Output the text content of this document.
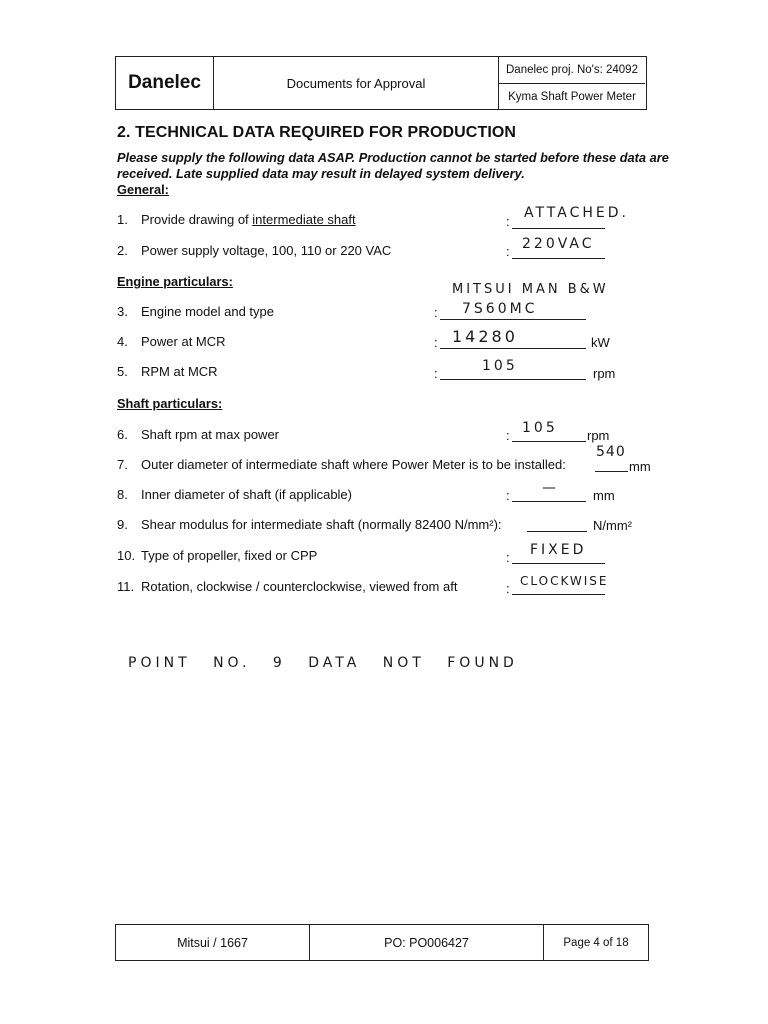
Danelec	Documents for Approval
Danelec proj. No's: 24092
Kyma Shaft Power Meter
2. TECHNICAL DATA REQUIRED FOR PRODUCTION
Please supply the following data ASAP. Production cannot be started before these data are received. Late supplied data may result in delayed system delivery.
General:
1. Provide drawing of intermediate shaft	:
ATTACHED.
2. Power supply voltage, 100, 110 or 220 VAC	: 220VAC
Engine particulars:
MITSUI MAN B&W
3. Engine model and type	: 7S60MC
4. Power at MCR	: 14280	kW
5. RPM at MCR	:	105	rpm
Shaft particulars:
6. Shaft rpm at max power	: 105 rpm
7. Outer diameter of intermediate shaft where Power Meter is to be installed:
540
mm
8. Inner diameter of shaft (if applicable)	: —	mm
9. Shear modulus for intermediate shaft (normally 82400 N/mm²):	N/mm²
10. Type of propeller, fixed or CPP	: FIXED
11. Rotation, clockwise / counterclockwise, viewed from aft	: CLOCKWISE
POINT NO. 9 DATA NOT FOUND
Mitsui / 1667	PO: PO006427	Page 4 of 18
